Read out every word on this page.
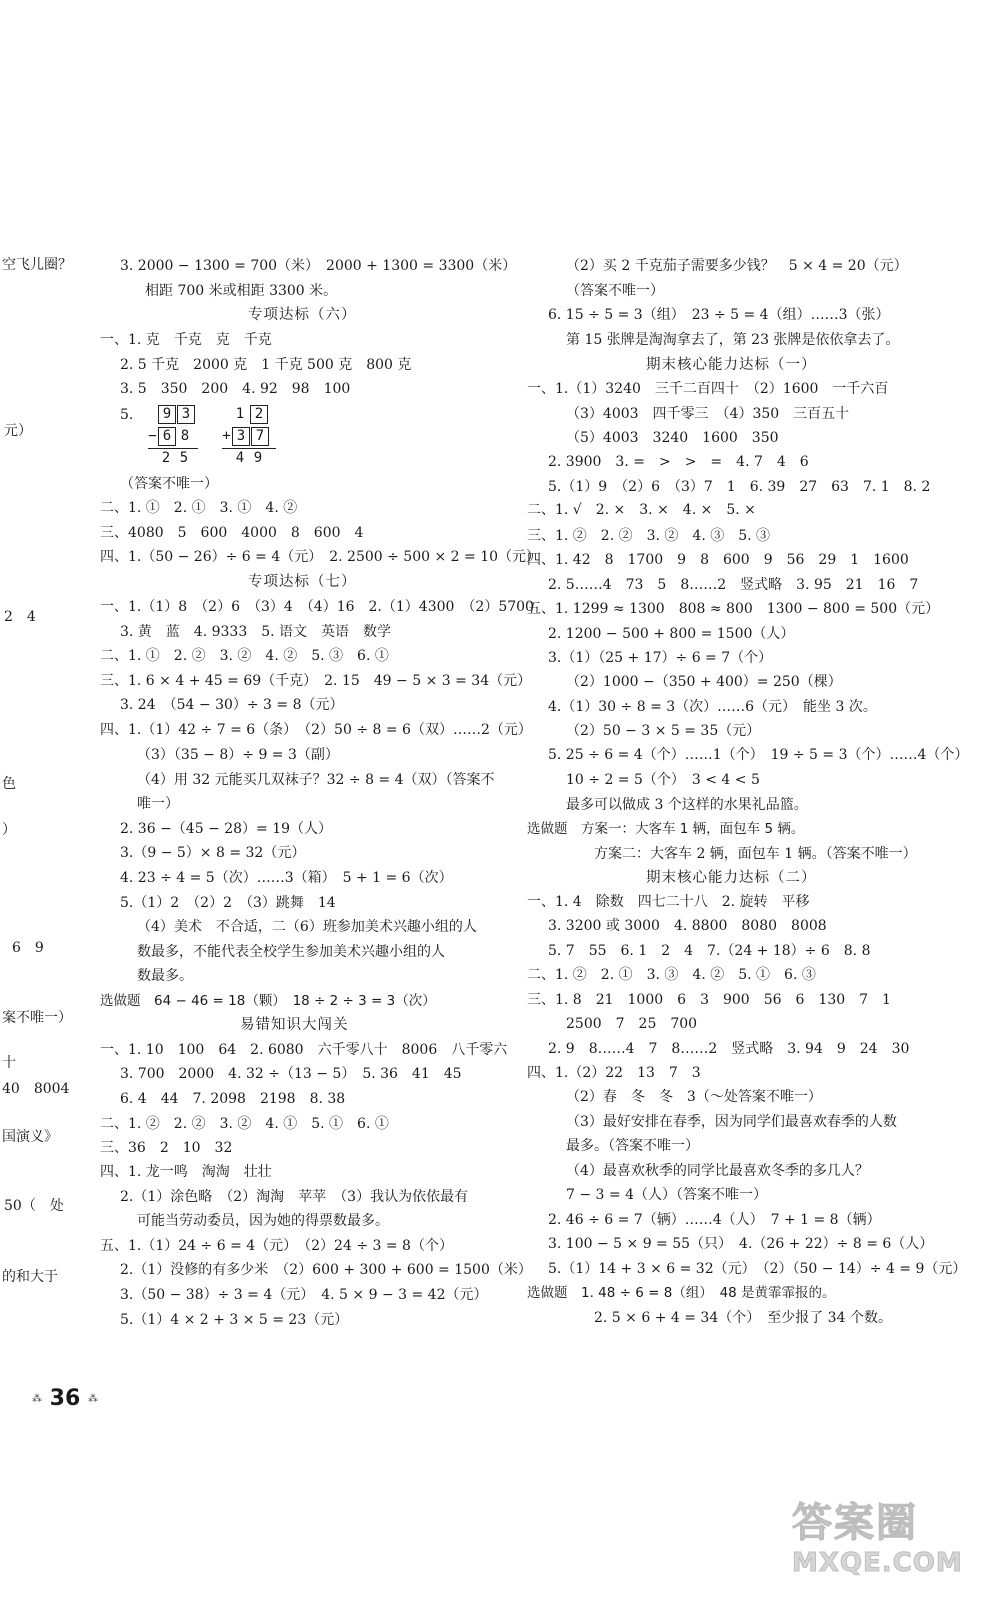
空飞儿圈？
元）
2　4
色
）
6　9
案不唯一）
十
40　8004
国演义》
50（　处
的和大于
3. 2000 − 1300 = 700（米）　2000 + 1300 = 3300（米）
相距 700 米或相距 3300 米。
专项达标（六）
一、1. 克　千克　克　千克
2. 5 千克　2000 克　1 千克 500 克　800 克
3. 5　350　200　4. 92　98　100
5.	9 3
− 6 8
2 5
1 2
+ 3 7
4 9
（答案不唯一）
二、1. ①　2. ①　3. ①　4. ②
三、4080　5　600　4000　8　600　4
四、1.（50 − 26）÷ 6 = 4（元）　2. 2500 ÷ 500 × 2 = 10（元）
专项达标（七）
一、1.（1）8　（2）6　（3）4　（4）16　2.（1）4300　（2）5700
3. 黄　蓝　4. 9333　5. 语文　英语　数学
二、1. ①　2. ②　3. ②　4. ②　5. ③　6. ①
三、1. 6 × 4 + 45 = 69（千克）　2. 15　49 − 5 × 3 = 34（元）
3. 24　（54 − 30）÷ 3 = 8（元）
四、1.（1）42 ÷ 7 = 6（条）　（2）50 ÷ 8 = 6（双）……2（元）
（3）（35 − 8）÷ 9 = 3（副）
（4）用 32 元能买几双袜子？32 ÷ 8 = 4（双）（答案不
唯一）
2. 36 −（45 − 28）= 19（人）
3.（9 − 5）× 8 = 32（元）
4. 23 ÷ 4 = 5（次）……3（箱）　5 + 1 = 6（次）
5.（1）2　（2）2　（3）跳舞　14
（4）美术　不合适，二（6）班参加美术兴趣小组的人
数最多，不能代表全校学生参加美术兴趣小组的人
数最多。
选做题　64 − 46 = 18（颗）　18 ÷ 2 ÷ 3 = 3（次）
易错知识大闯关
一、1. 10　100　64　2. 6080　六千零八十　8006　八千零六
3. 700　2000　4. 32 ÷（13 − 5）　5. 36　41　45
6. 4　44　7. 2098　2198　8. 38
二、1. ②　2. ②　3. ②　4. ①　5. ①　6. ①
三、36　2　10　32
四、1. 龙一鸣　淘淘　壮壮
2.（1）涂色略　（2）淘淘　苹苹　（3）我认为依依最有
可能当劳动委员，因为她的得票数最多。
五、1.（1）24 ÷ 6 = 4（元）　（2）24 ÷ 3 = 8（个）
2.（1）没修的有多少米　（2）600 + 300 + 600 = 1500（米）
3.（50 − 38）÷ 3 = 4（元）　4. 5 × 9 − 3 = 42（元）
5.（1）4 × 2 + 3 × 5 = 23（元）
（2）买 2 千克茄子需要多少钱？　5 × 4 = 20（元）
（答案不唯一）
6. 15 ÷ 5 = 3（组）　23 ÷ 5 = 4（组）……3（张）
第 15 张牌是淘淘拿去了，第 23 张牌是依依拿去了。
期末核心能力达标（一）
一、1.（1）3240　三千二百四十　（2）1600　一千六百
（3）4003　四千零三　（4）350　三百五十
（5）4003　3240　1600　350
2. 3900　3. =　>　>　=　4. 7　4　6
5.（1）9　（2）6　（3）7　1　6. 39　27　63　7. 1　8. 2
二、1. √　2. ×　3. ×　4. ×　5. ×
三、1. ②　2. ②　3. ②　4. ③　5. ③
四、1. 42　8　1700　9　8　600　9　56　29　1　1600
2. 5……4　73　5　8……2　竖式略　3. 95　21　16　7
五、1. 1299 ≈ 1300　808 ≈ 800　1300 − 800 = 500（元）
2. 1200 − 500 + 800 = 1500（人）
3.（1）（25 + 17）÷ 6 = 7（个）
（2）1000 −（350 + 400）= 250（棵）
4.（1）30 ÷ 8 = 3（次）……6（元）　能坐 3 次。
（2）50 − 3 × 5 = 35（元）
5. 25 ÷ 6 = 4（个）……1（个）　19 ÷ 5 = 3（个）……4（个）
10 ÷ 2 = 5（个）　3 < 4 < 5
最多可以做成 3 个这样的水果礼品篮。
选做题　方案一：大客车 1 辆，面包车 5 辆。
方案二：大客车 2 辆，面包车 1 辆。（答案不唯一）
期末核心能力达标（二）
一、1. 4　除数　四七二十八　2. 旋转　平移
3. 3200 或 3000　4. 8800　8080　8008
5. 7　55　6. 1　2　4　7.（24 + 18）÷ 6　8. 8
二、1. ②　2. ①　3. ③　4. ②　5. ①　6. ③
三、1. 8　21　1000　6　3　900　56　6　130　7　1
2500　7　25　700
2. 9　8……4　7　8……2　竖式略　3. 94　9　24　30
四、1.（2）22　13　7　3
（2）春　冬　冬　3（～处答案不唯一）
（3）最好安排在春季，因为同学们最喜欢春季的人数
最多。（答案不唯一）
（4）最喜欢秋季的同学比最喜欢冬季的多几人？
7 − 3 = 4（人）（答案不唯一）
2. 46 ÷ 6 = 7（辆）……4（人）　7 + 1 = 8（辆）
3. 100 − 5 × 9 = 55（只）　4.（26 + 22）÷ 8 = 6（人）
5.（1）14 + 3 × 6 = 32（元）　（2）（50 − 14）÷ 4 = 9（元）
选做题　1. 48 ÷ 6 = 8（组）　48 是黄霏霏报的。
2. 5 × 6 + 4 = 34（个）　至少报了 34 个数。
⁂ 36 ⁂
答案圈
MXQE.COM
